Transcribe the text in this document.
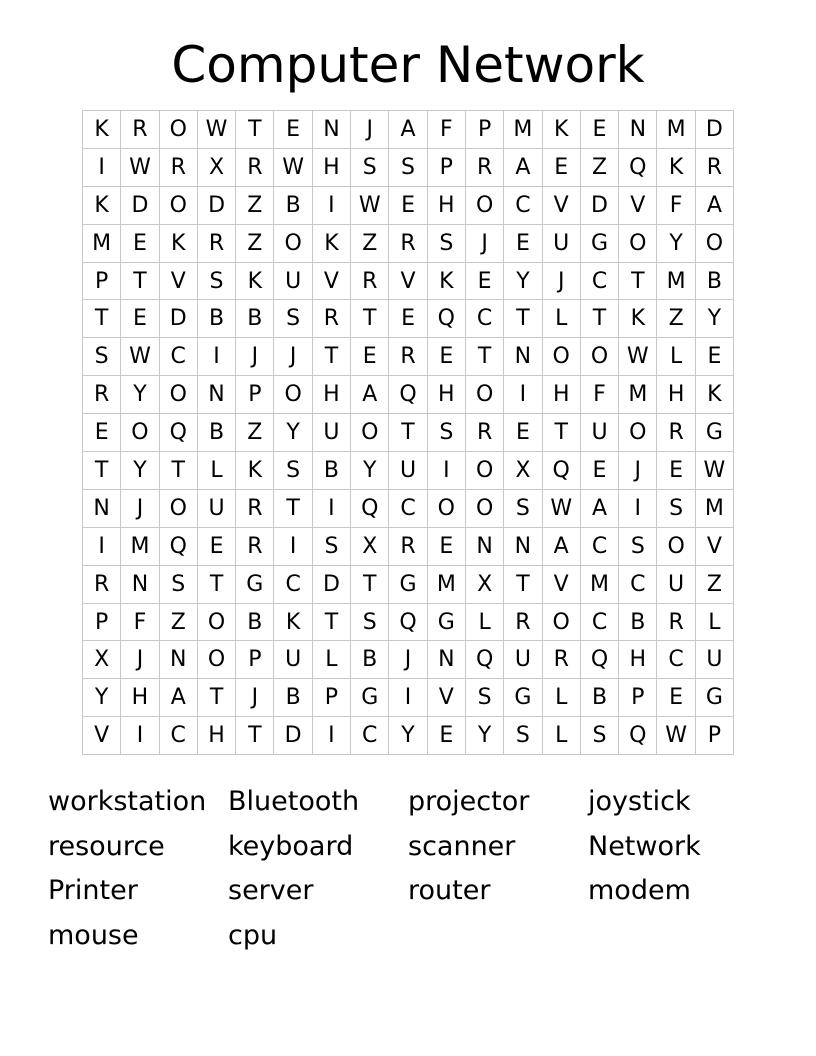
Computer Network
K	R	O	W	T	E	N	J	A	F	P	M	K	E	N	M	D
I	W	R	X	R	W	H	S	S	P	R	A	E	Z	Q	K	R
K	D	O	D	Z	B	I	W	E	H	O	C	V	D	V	F	A
M	E	K	R	Z	O	K	Z	R	S	J	E	U	G	O	Y	O
P	T	V	S	K	U	V	R	V	K	E	Y	J	C	T	M	B
T	E	D	B	B	S	R	T	E	Q	C	T	L	T	K	Z	Y
S	W	C	I	J	J	T	E	R	E	T	N	O	O	W	L	E
R	Y	O	N	P	O	H	A	Q	H	O	I	H	F	M	H	K
E	O	Q	B	Z	Y	U	O	T	S	R	E	T	U	O	R	G
T	Y	T	L	K	S	B	Y	U	I	O	X	Q	E	J	E	W
N	J	O	U	R	T	I	Q	C	O	O	S	W	A	I	S	M
I	M	Q	E	R	I	S	X	R	E	N	N	A	C	S	O	V
R	N	S	T	G	C	D	T	G	M	X	T	V	M	C	U	Z
P	F	Z	O	B	K	T	S	Q	G	L	R	O	C	B	R	L
X	J	N	O	P	U	L	B	J	N	Q	U	R	Q	H	C	U
Y	H	A	T	J	B	P	G	I	V	S	G	L	B	P	E	G
V	I	C	H	T	D	I	C	Y	E	Y	S	L	S	Q	W	P
workstation Bluetooth	projector	joystick
resource	keyboard	scanner	Network
Printer	server	router	modem
mouse	cpu
